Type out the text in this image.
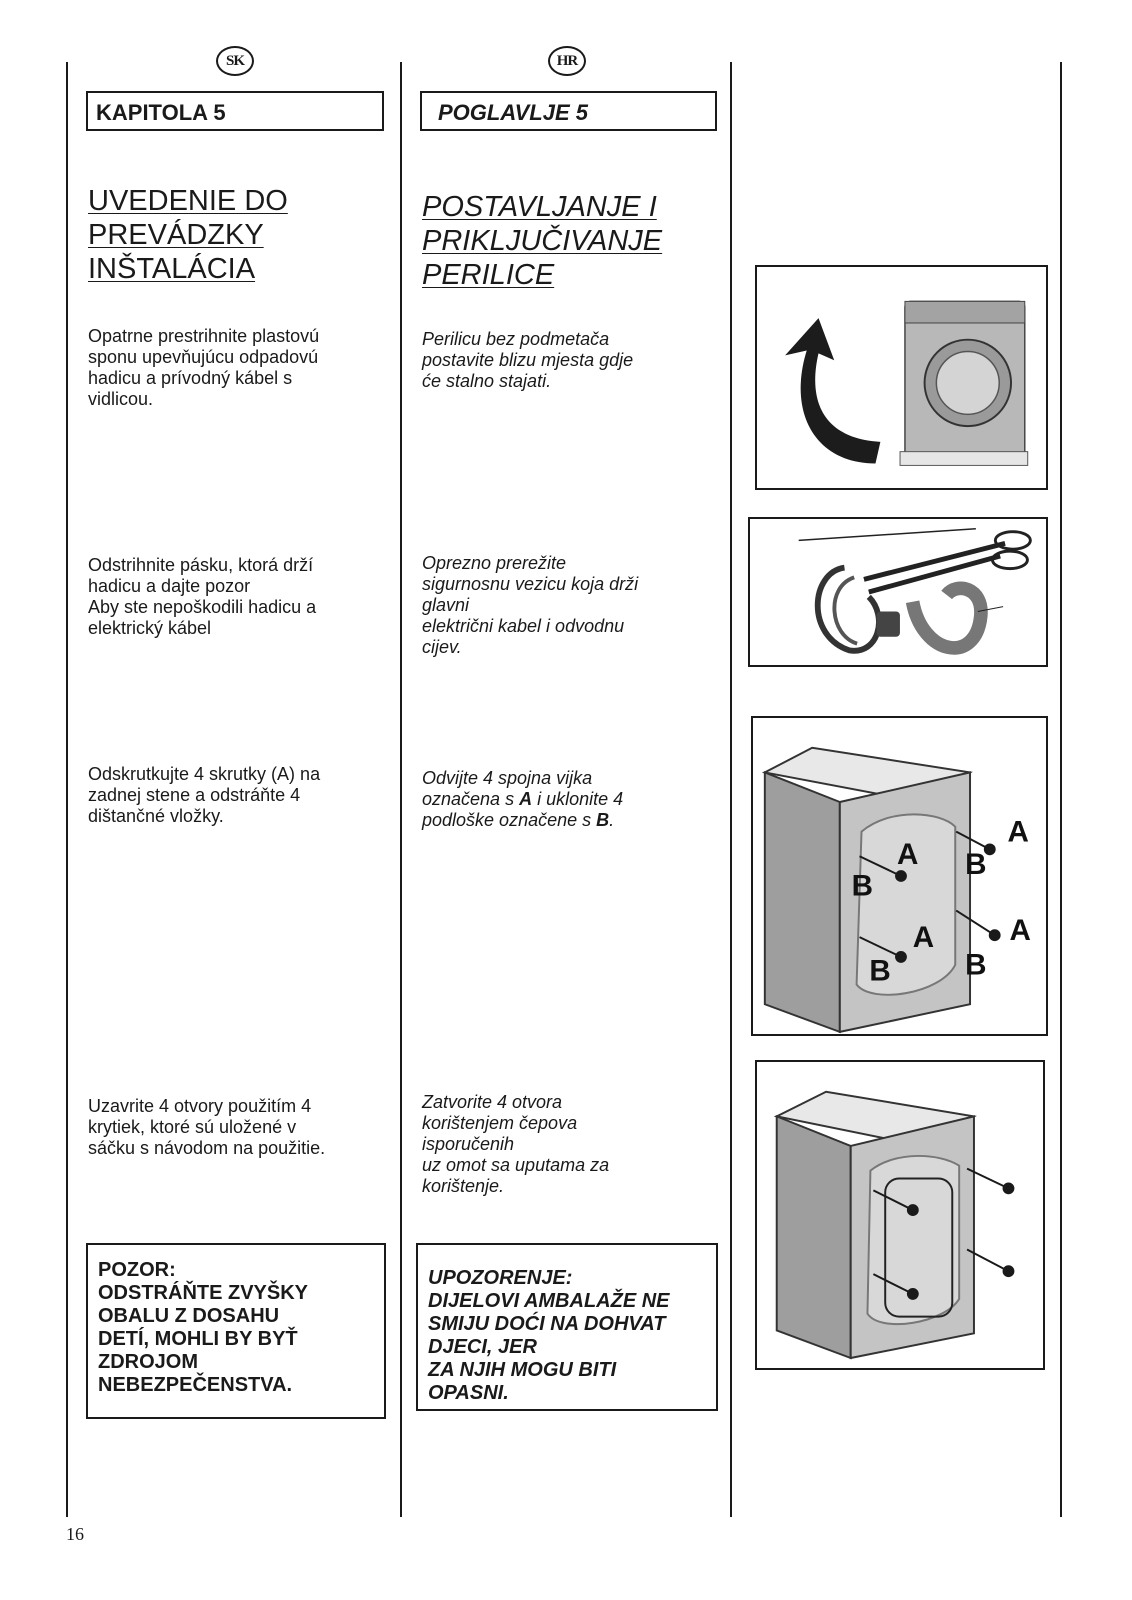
SK
KAPITOLA 5
UVEDENIE DO
PREVÁDZKY
INŠTALÁCIA
Opatrne prestrihnite plastovú
sponu upevňujúcu odpadovú
hadicu a prívodný kábel s
vidlicou.
Odstrihnite pásku, ktorá drží
hadicu a dajte pozor
Aby ste nepoškodili hadicu a
elektrický kábel
Odskrutkujte 4 skrutky (A) na
zadnej stene a odstráňte 4
dištančné vložky.
Uzavrite 4 otvory použitím 4
krytiek, ktoré sú uložené v
sáčku s návodom na použitie.
POZOR:
ODSTRÁŇTE ZVYŠKY
OBALU Z DOSAHU
DETÍ, MOHLI BY BYŤ
ZDROJOM
NEBEZPEČENSTVA.
HR
POGLAVLJE 5
POSTAVLJANJE I
PRIKLJUČIVANJE
PERILICE
Perilicu bez podmetača
postavite blizu mjesta gdje
će stalno stajati.
Oprezno prerežite
sigurnosnu vezicu koja drži
glavni
električni kabel i odvodnu
cijev.
Odvijte 4 spojna vijka
označena s A i uklonite 4
podloške označene s B.
Zatvorite 4 otvora
korištenjem čepova
isporučenih
uz omot sa uputama za
korištenje.
UPOZORENJE:
DIJELOVI AMBALAŽE NE
SMIJU DOĆI NA DOHVAT
DJECI, JER
ZA NJIH MOGU BITI
OPASNI.
A
A
A	A
B
B
B B
16
